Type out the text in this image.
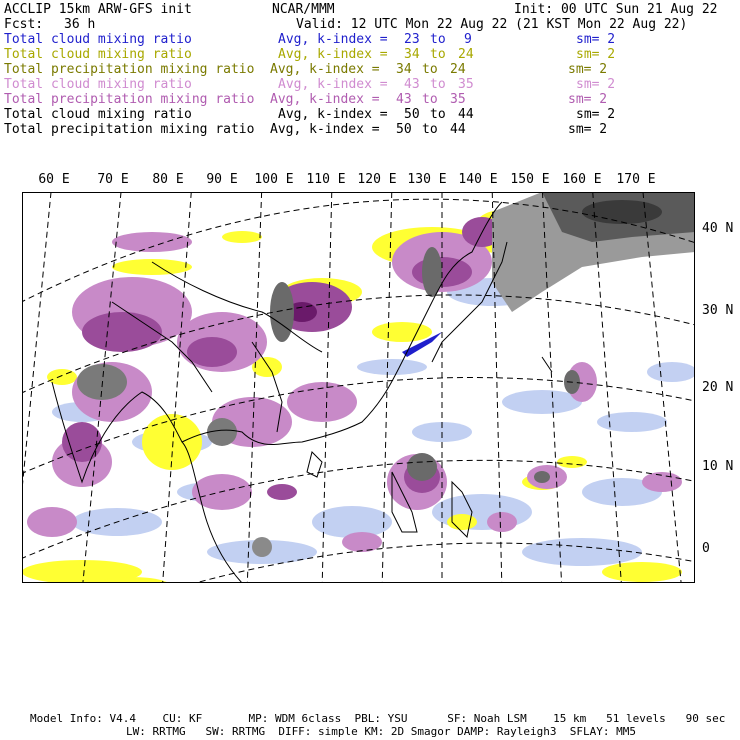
ACCLIP 15km ARW-GFS init	NCAR/MMM	Init: 00 UTC Sun 21 Aug 22
Fcst: 36 h	Valid: 12 UTC Mon 22 Aug 22 (21 KST Mon 22 Aug 22)
Total cloud mixing ratio	Avg, k-index = 23 to 9	sm= 2
Total cloud mixing ratio	Avg, k-index = 34 to 24	sm= 2
Total precipitation mixing ratio Avg, k-index = 34 to 24	sm= 2
Total cloud mixing ratio	Avg, k-index = 43 to 35	sm= 2
Total precipitation mixing ratio Avg, k-index = 43 to 35	sm= 2
Total cloud mixing ratio	Avg, k-index = 50 to 44	sm= 2
Total precipitation mixing ratio Avg, k-index = 50 to 44	sm= 2
60 E 70 E 80 E 90 E 100 E 110 E 120 E 130 E 140 E 150 E 160 E 170 E
40 N
30 N
20 N
10 N
0
Model Info: V4.4    CU: KF       MP: WDM 6class  PBL: YSU      SF: Noah LSM    15 km   51 levels   90 sec
LW: RRTMG   SW: RRTMG  DIFF: simple KM: 2D Smagor DAMP: Rayleigh3  SFLAY: MM5
